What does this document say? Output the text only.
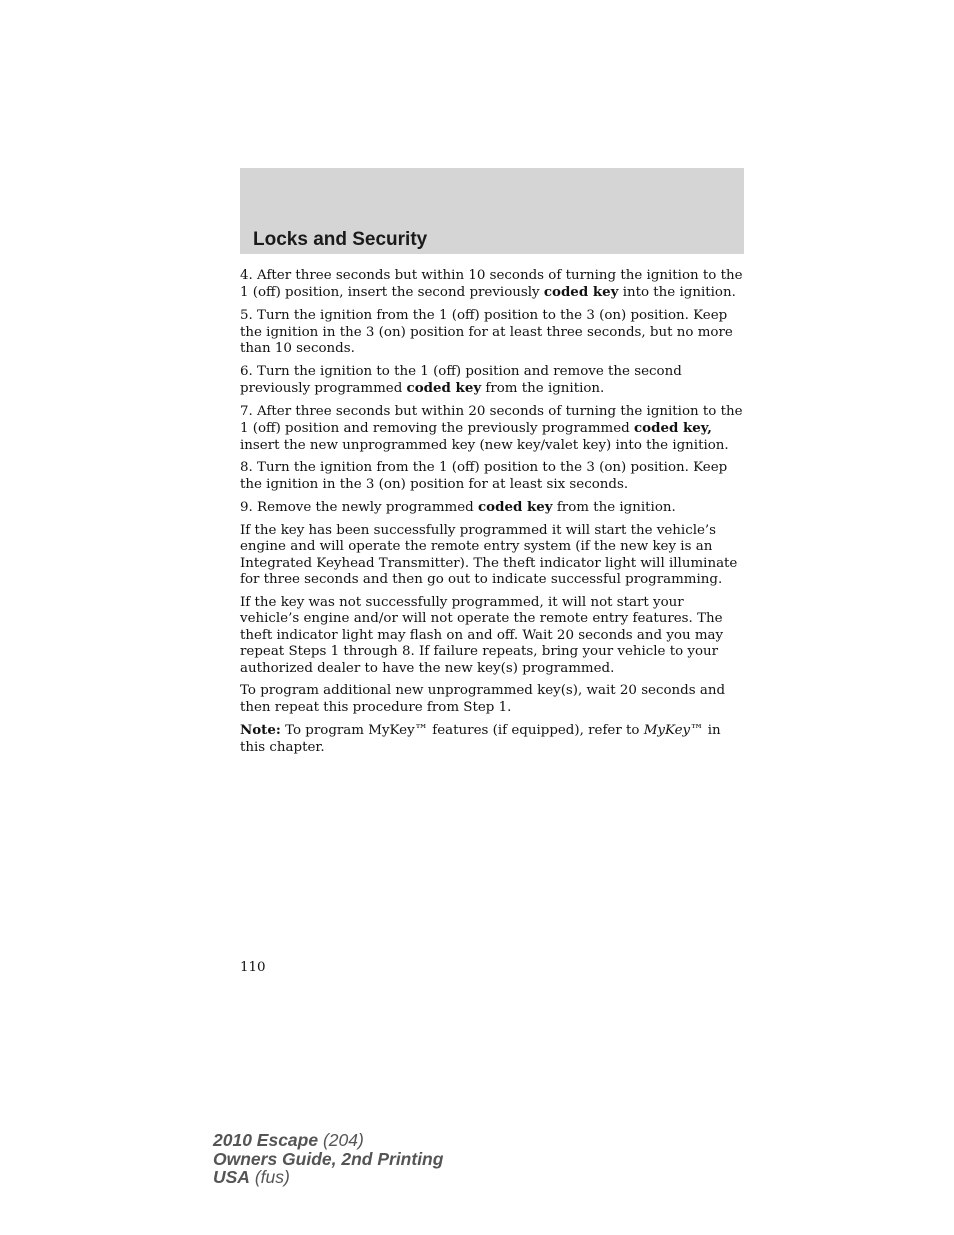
Locks and Security

4. After three seconds but within 10 seconds of turning the ignition to the 1 (off) position, insert the second previously coded key into the ignition.

5. Turn the ignition from the 1 (off) position to the 3 (on) position. Keep the ignition in the 3 (on) position for at least three seconds, but no more than 10 seconds.

6. Turn the ignition to the 1 (off) position and remove the second previously programmed coded key from the ignition.

7. After three seconds but within 20 seconds of turning the ignition to the 1 (off) position and removing the previously programmed coded key, insert the new unprogrammed key (new key/valet key) into the ignition.

8. Turn the ignition from the 1 (off) position to the 3 (on) position. Keep the ignition in the 3 (on) position for at least six seconds.

9. Remove the newly programmed coded key from the ignition.

If the key has been successfully programmed it will start the vehicle’s engine and will operate the remote entry system (if the new key is an Integrated Keyhead Transmitter). The theft indicator light will illuminate for three seconds and then go out to indicate successful programming.

If the key was not successfully programmed, it will not start your vehicle’s engine and/or will not operate the remote entry features. The theft indicator light may flash on and off. Wait 20 seconds and you may repeat Steps 1 through 8. If failure repeats, bring your vehicle to your authorized dealer to have the new key(s) programmed.

To program additional new unprogrammed key(s), wait 20 seconds and then repeat this procedure from Step 1.

Note: To program MyKey™ features (if equipped), refer to MyKey™ in this chapter.

110
2010 Escape (204)
Owners Guide, 2nd Printing
USA (fus)
